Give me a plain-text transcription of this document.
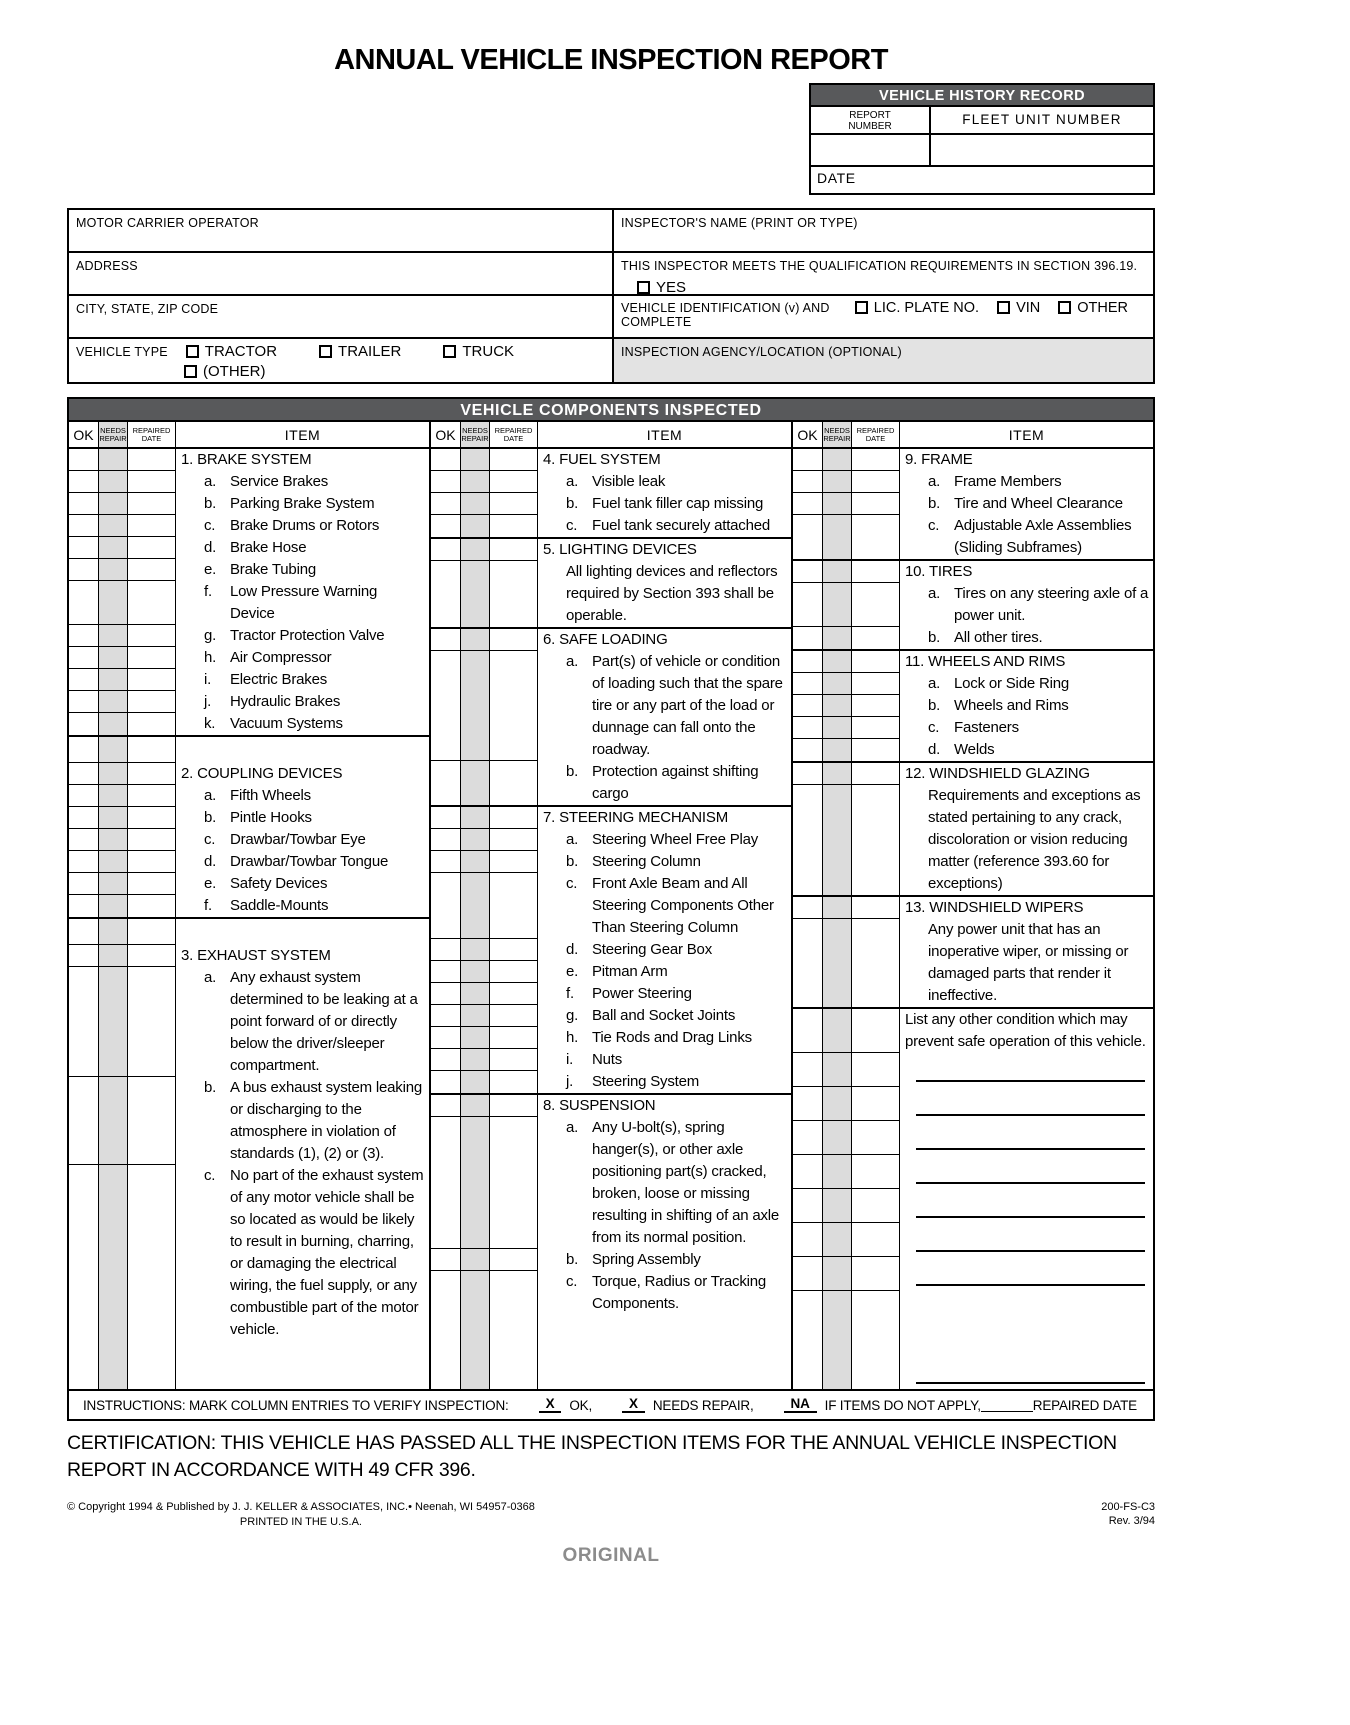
ANNUAL VEHICLE INSPECTION REPORT
VEHICLE HISTORY RECORD
REPORT NUMBER	FLEET UNIT NUMBER
DATE
MOTOR CARRIER OPERATOR
ADDRESS
CITY, STATE, ZIP CODE
VEHICLE TYPE	TRACTOR	TRAILER	TRUCK
(OTHER)
INSPECTOR'S NAME (PRINT OR TYPE)
THIS INSPECTOR MEETS THE QUALIFICATION REQUIREMENTS IN SECTION 396.19.
YES
VEHICLE IDENTIFICATION (v) AND COMPLETE
LIC. PLATE NO.	VIN	OTHER
INSPECTION AGENCY/LOCATION (OPTIONAL)
VEHICLE COMPONENTS INSPECTED
OK NEEDS REPAIR
REPAIRED DATE	ITEM
1. BRAKE SYSTEM
a. Service Brakes
b. Parking Brake System
c. Brake Drums or Rotors
d. Brake Hose
e. Brake Tubing
f.	Low Pressure Warning Device
g. Tractor Protection Valve
h. Air Compressor
i.	Electric Brakes
j.	Hydraulic Brakes
k. Vacuum Systems
2. COUPLING DEVICES
a. Fifth Wheels
b. Pintle Hooks
c. Drawbar/Towbar Eye
d. Drawbar/Towbar Tongue
e. Safety Devices
f.	Saddle-Mounts
3. EXHAUST SYSTEM
a. Any exhaust system determined to be leaking at a point forward of or directly below the driver/sleeper compartment.
b. A bus exhaust system leaking or discharging to the atmosphere in violation of standards (1), (2) or (3).
c. No part of the exhaust system of any motor vehicle shall be so located as would be likely to result in burning, charring, or damaging the electrical wiring, the fuel supply, or any combustible part of the motor vehicle.
OK NEEDS REPAIR
REPAIRED DATE	ITEM
4. FUEL SYSTEM
a. Visible leak
b. Fuel tank filler cap missing
c. Fuel tank securely attached
5. LIGHTING DEVICES
All lighting devices and reflectors required by Section 393 shall be operable.
6. SAFE LOADING
a. Part(s) of vehicle or condition of loading such that the spare tire or any part of the load or dunnage can fall onto the roadway.
b. Protection against shifting cargo
7. STEERING MECHANISM
a. Steering Wheel Free Play
b. Steering Column
c. Front Axle Beam and All Steering Components Other Than Steering Column
d. Steering Gear Box
e. Pitman Arm
f.	Power Steering
g. Ball and Socket Joints
h. Tie Rods and Drag Links
i.	Nuts
j.	Steering System
8. SUSPENSION
a. Any U-bolt(s), spring hanger(s), or other axle positioning part(s) cracked, broken, loose or missing resulting in shifting of an axle from its normal position.
b. Spring Assembly
c. Torque, Radius or Tracking Components.
OK NEEDS REPAIR
REPAIRED DATE	ITEM
9. FRAME
a. Frame Members
b. Tire and Wheel Clearance
c. Adjustable Axle Assemblies (Sliding Subframes)
10. TIRES
a. Tires on any steering axle of a power unit.
b. All other tires.
11. WHEELS AND RIMS
a. Lock or Side Ring
b. Wheels and Rims
c. Fasteners
d. Welds
12. WINDSHIELD GLAZING
Requirements and exceptions as stated pertaining to any crack, discoloration or vision reducing matter (reference 393.60 for exceptions)
13. WINDSHIELD WIPERS
Any power unit that has an inoperative wiper, or missing or damaged parts that render it ineffective.
List any other condition which may prevent safe operation of this vehicle.
INSTRUCTIONS: MARK COLUMN ENTRIES TO VERIFY INSPECTION:	X	OK,	X	NEEDS REPAIR,	NA	IF ITEMS DO NOT APPLY,	REPAIRED DATE
CERTIFICATION: THIS VEHICLE HAS PASSED ALL THE INSPECTION ITEMS FOR THE ANNUAL VEHICLE INSPECTION REPORT IN ACCORDANCE WITH 49 CFR 396.
© Copyright 1994 & Published by J. J. KELLER & ASSOCIATES, INC.• Neenah, WI 54957-0368
PRINTED IN THE U.S.A.
200-FS-C3
Rev. 3/94
ORIGINAL
